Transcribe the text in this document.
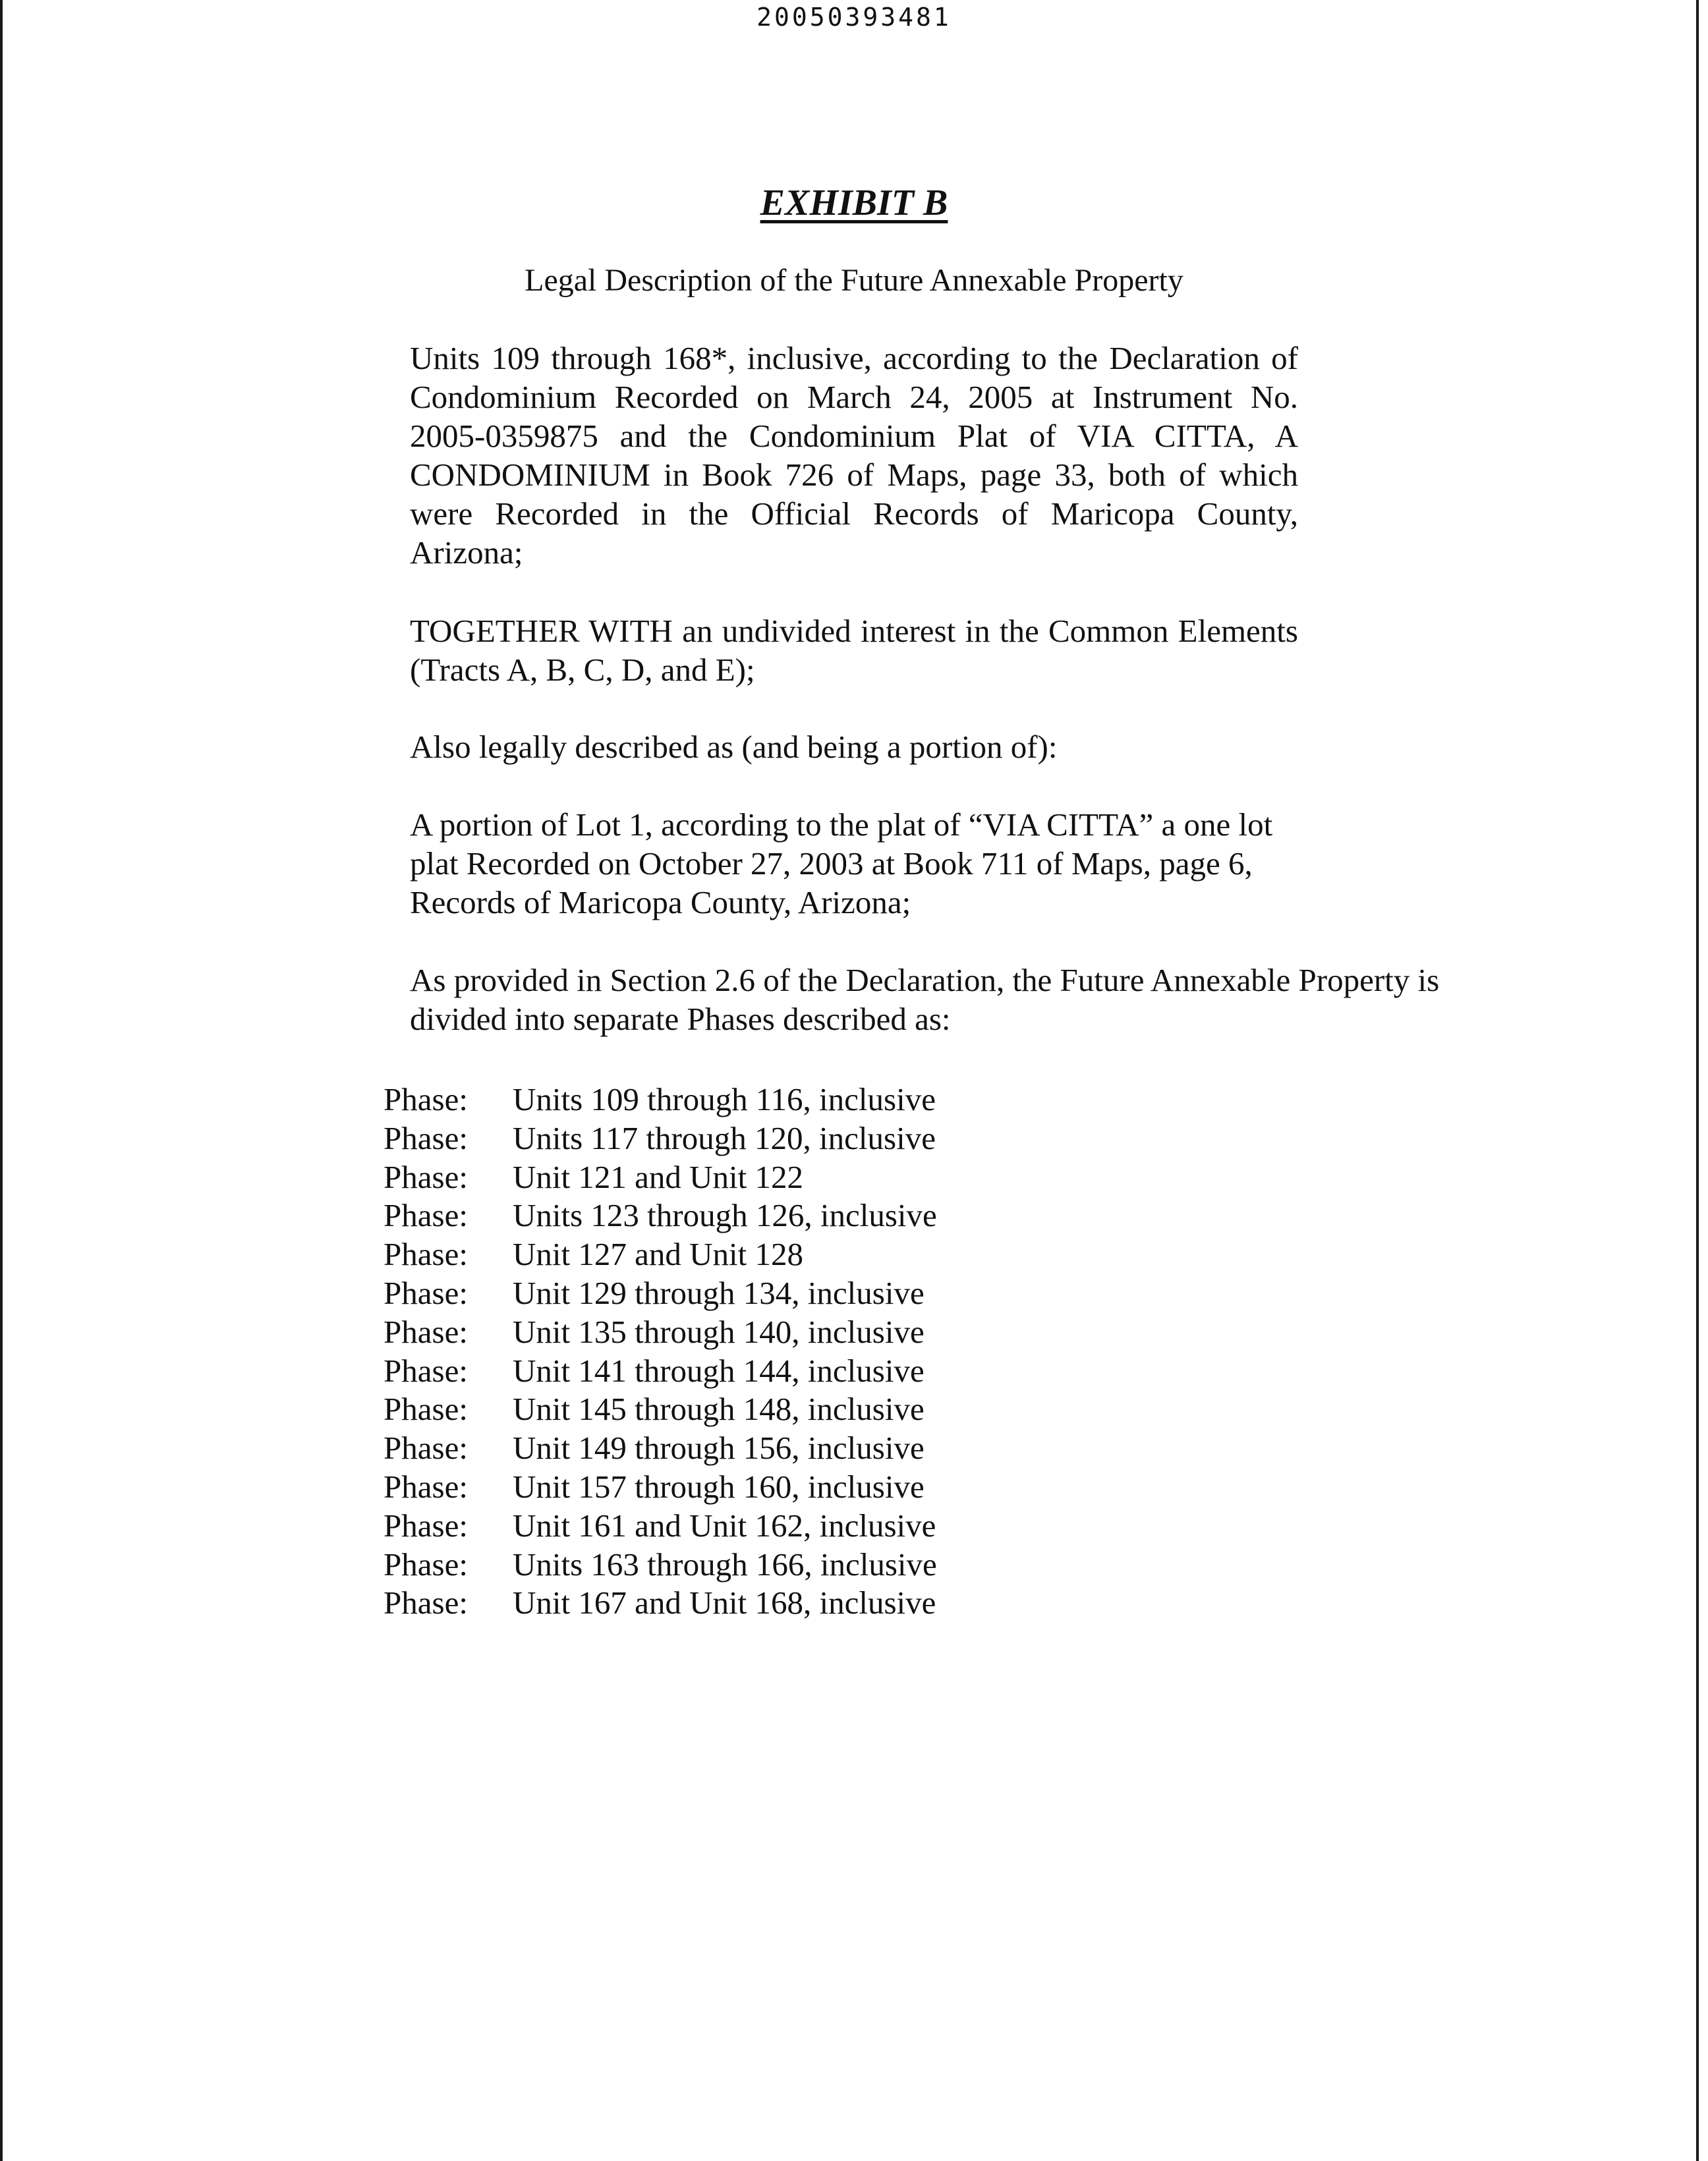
20050393481
EXHIBIT B
Legal Description of the Future Annexable Property
Units 109 through 168*, inclusive, according to the Declaration of Condominium Recorded on March 24, 2005 at Instrument No. 2005-0359875 and the Condominium Plat of VIA CITTA, A CONDOMINIUM in Book 726 of Maps, page 33, both of which were Recorded in the Official Records of Maricopa County, Arizona;
TOGETHER WITH an undivided interest in the Common Elements (Tracts A, B, C, D, and E);
Also legally described as (and being a portion of):
A portion of Lot 1, according to the plat of “VIA CITTA” a one lot plat Recorded on October 27, 2003 at Book 711 of Maps, page 6, Records of Maricopa County, Arizona;
As provided in Section 2.6 of the Declaration, the Future Annexable Property is divided into separate Phases described as:
Phase:	Units 109 through 116, inclusive
Phase:	Units 117 through 120, inclusive
Phase:	Unit 121 and Unit 122
Phase:	Units 123 through 126, inclusive
Phase:	Unit 127 and Unit 128
Phase:	Unit 129 through 134, inclusive
Phase:	Unit 135 through 140, inclusive
Phase:	Unit 141 through 144, inclusive
Phase:	Unit 145 through 148, inclusive
Phase:	Unit 149 through 156, inclusive
Phase:	Unit 157 through 160, inclusive
Phase:	Unit 161 and Unit 162, inclusive
Phase:	Units 163 through 166, inclusive
Phase:	Unit 167 and Unit 168, inclusive
